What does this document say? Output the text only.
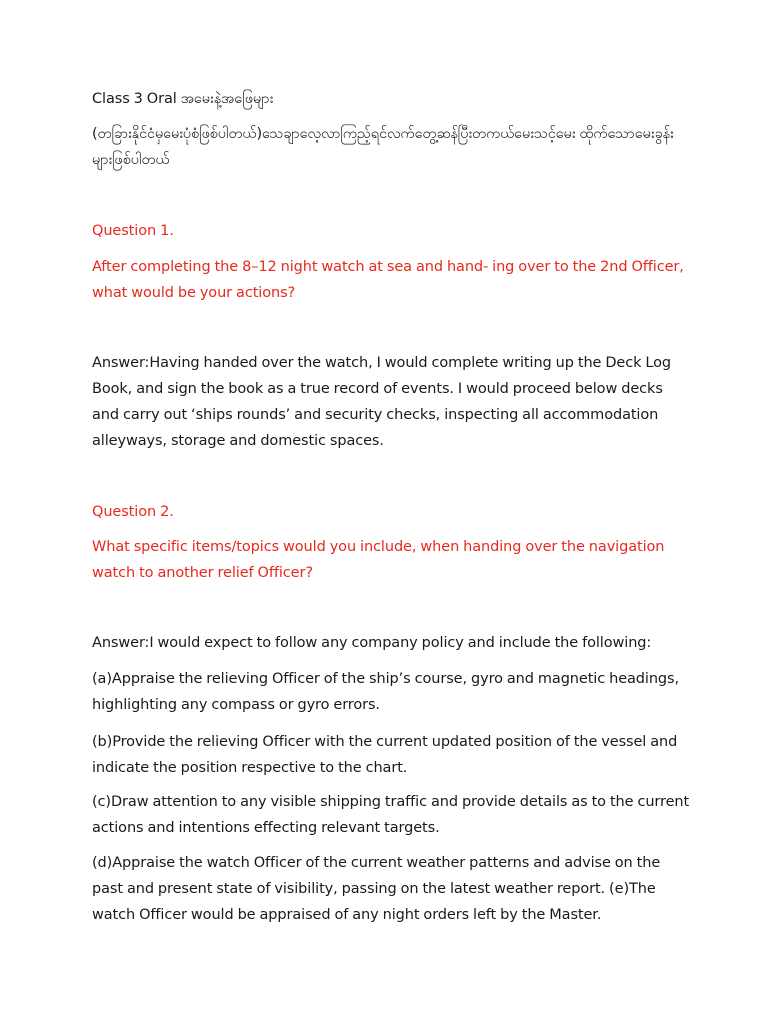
Class 3 Oral အမေးနဲ့အဖြေများ

(တခြားနိုင်ငံမှမေးပုံစံဖြစ်ပါတယ်)သေချာလေ့လာကြည့်ရင်လက်တွေ့ဆန်ပြီးတကယ်မေးသင့်မေး ထိုက်သောမေးခွန်းများဖြစ်ပါတယ်

Question 1.

After completing the 8–12 night watch at sea and hand- ing over to the 2nd Officer, what would be your actions?

Answer:Having handed over the watch, I would complete writing up the Deck Log Book, and sign the book as a true record of events. I would proceed below decks and carry out ‘ships rounds’ and security checks, inspecting all accommodation alleyways, storage and domestic spaces.

Question 2.

What specific items/topics would you include, when handing over the navigation watch to another relief Officer?

Answer:I would expect to follow any company policy and include the following:

(a)Appraise the relieving Officer of the ship’s course, gyro and magnetic headings, highlighting any compass or gyro errors.

(b)Provide the relieving Officer with the current updated position of the vessel and indicate the position respective to the chart.

(c)Draw attention to any visible shipping traffic and provide details as to the current actions and intentions effecting relevant targets.

(d)Appraise the watch Officer of the current weather patterns and advise on the past and present state of visibility, passing on the latest weather report. (e)The watch Officer would be appraised of any night orders left by the Master.
